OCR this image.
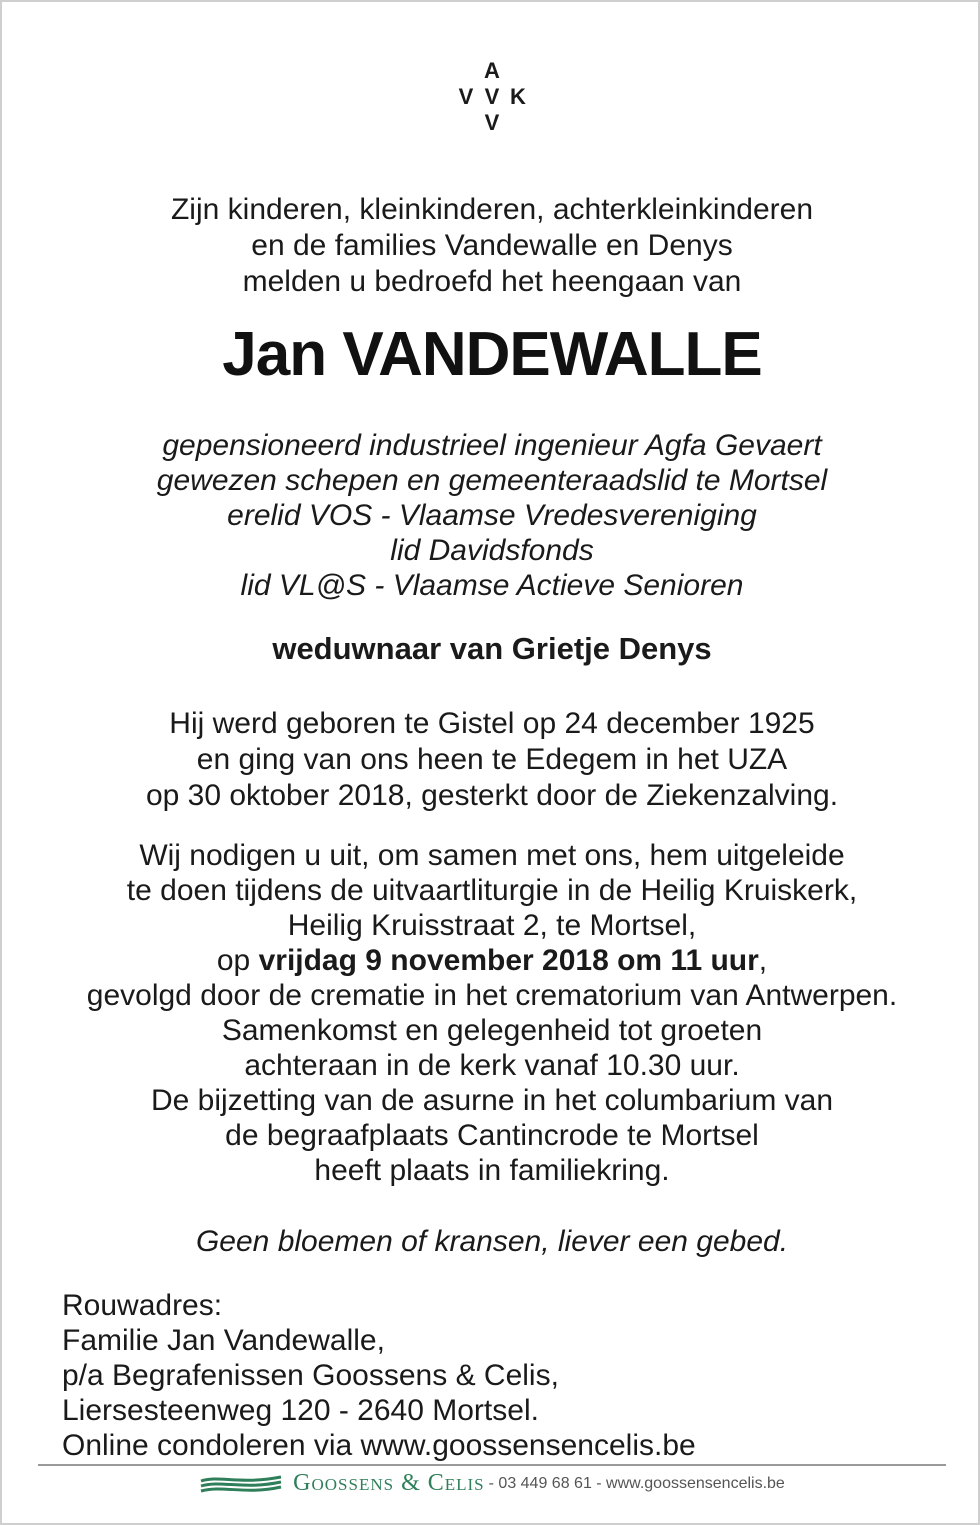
A
V V K
V
Zijn kinderen, kleinkinderen, achterkleinkinderen
en de families Vandewalle en Denys
melden u bedroefd het heengaan van
Jan VANDEWALLE
gepensioneerd industrieel ingenieur Agfa Gevaert
gewezen schepen en gemeenteraadslid te Mortsel
erelid VOS - Vlaamse Vredesvereniging
lid Davidsfonds
lid VL@S - Vlaamse Actieve Senioren
weduwnaar van Grietje Denys
Hij werd geboren te Gistel op 24 december 1925
en ging van ons heen te Edegem in het UZA
op 30 oktober 2018, gesterkt door de Ziekenzalving.
Wij nodigen u uit, om samen met ons, hem uitgeleide
te doen tijdens de uitvaartliturgie in de Heilig Kruiskerk,
Heilig Kruisstraat 2, te Mortsel,
op vrijdag 9 november 2018 om 11 uur,
gevolgd door de crematie in het crematorium van Antwerpen.
Samenkomst en gelegenheid tot groeten
achteraan in de kerk vanaf 10.30 uur.
De bijzetting van de asurne in het columbarium van
de begraafplaats Cantincrode te Mortsel
heeft plaats in familiekring.
Geen bloemen of kransen, liever een gebed.
Rouwadres:
Familie Jan Vandewalle,
p/a Begrafenissen Goossens & Celis,
Liersesteenweg 120 - 2640 Mortsel.
Online condoleren via www.goossensencelis.be
Goossens & Celis - 03 449 68 61 - www.goossensencelis.be
